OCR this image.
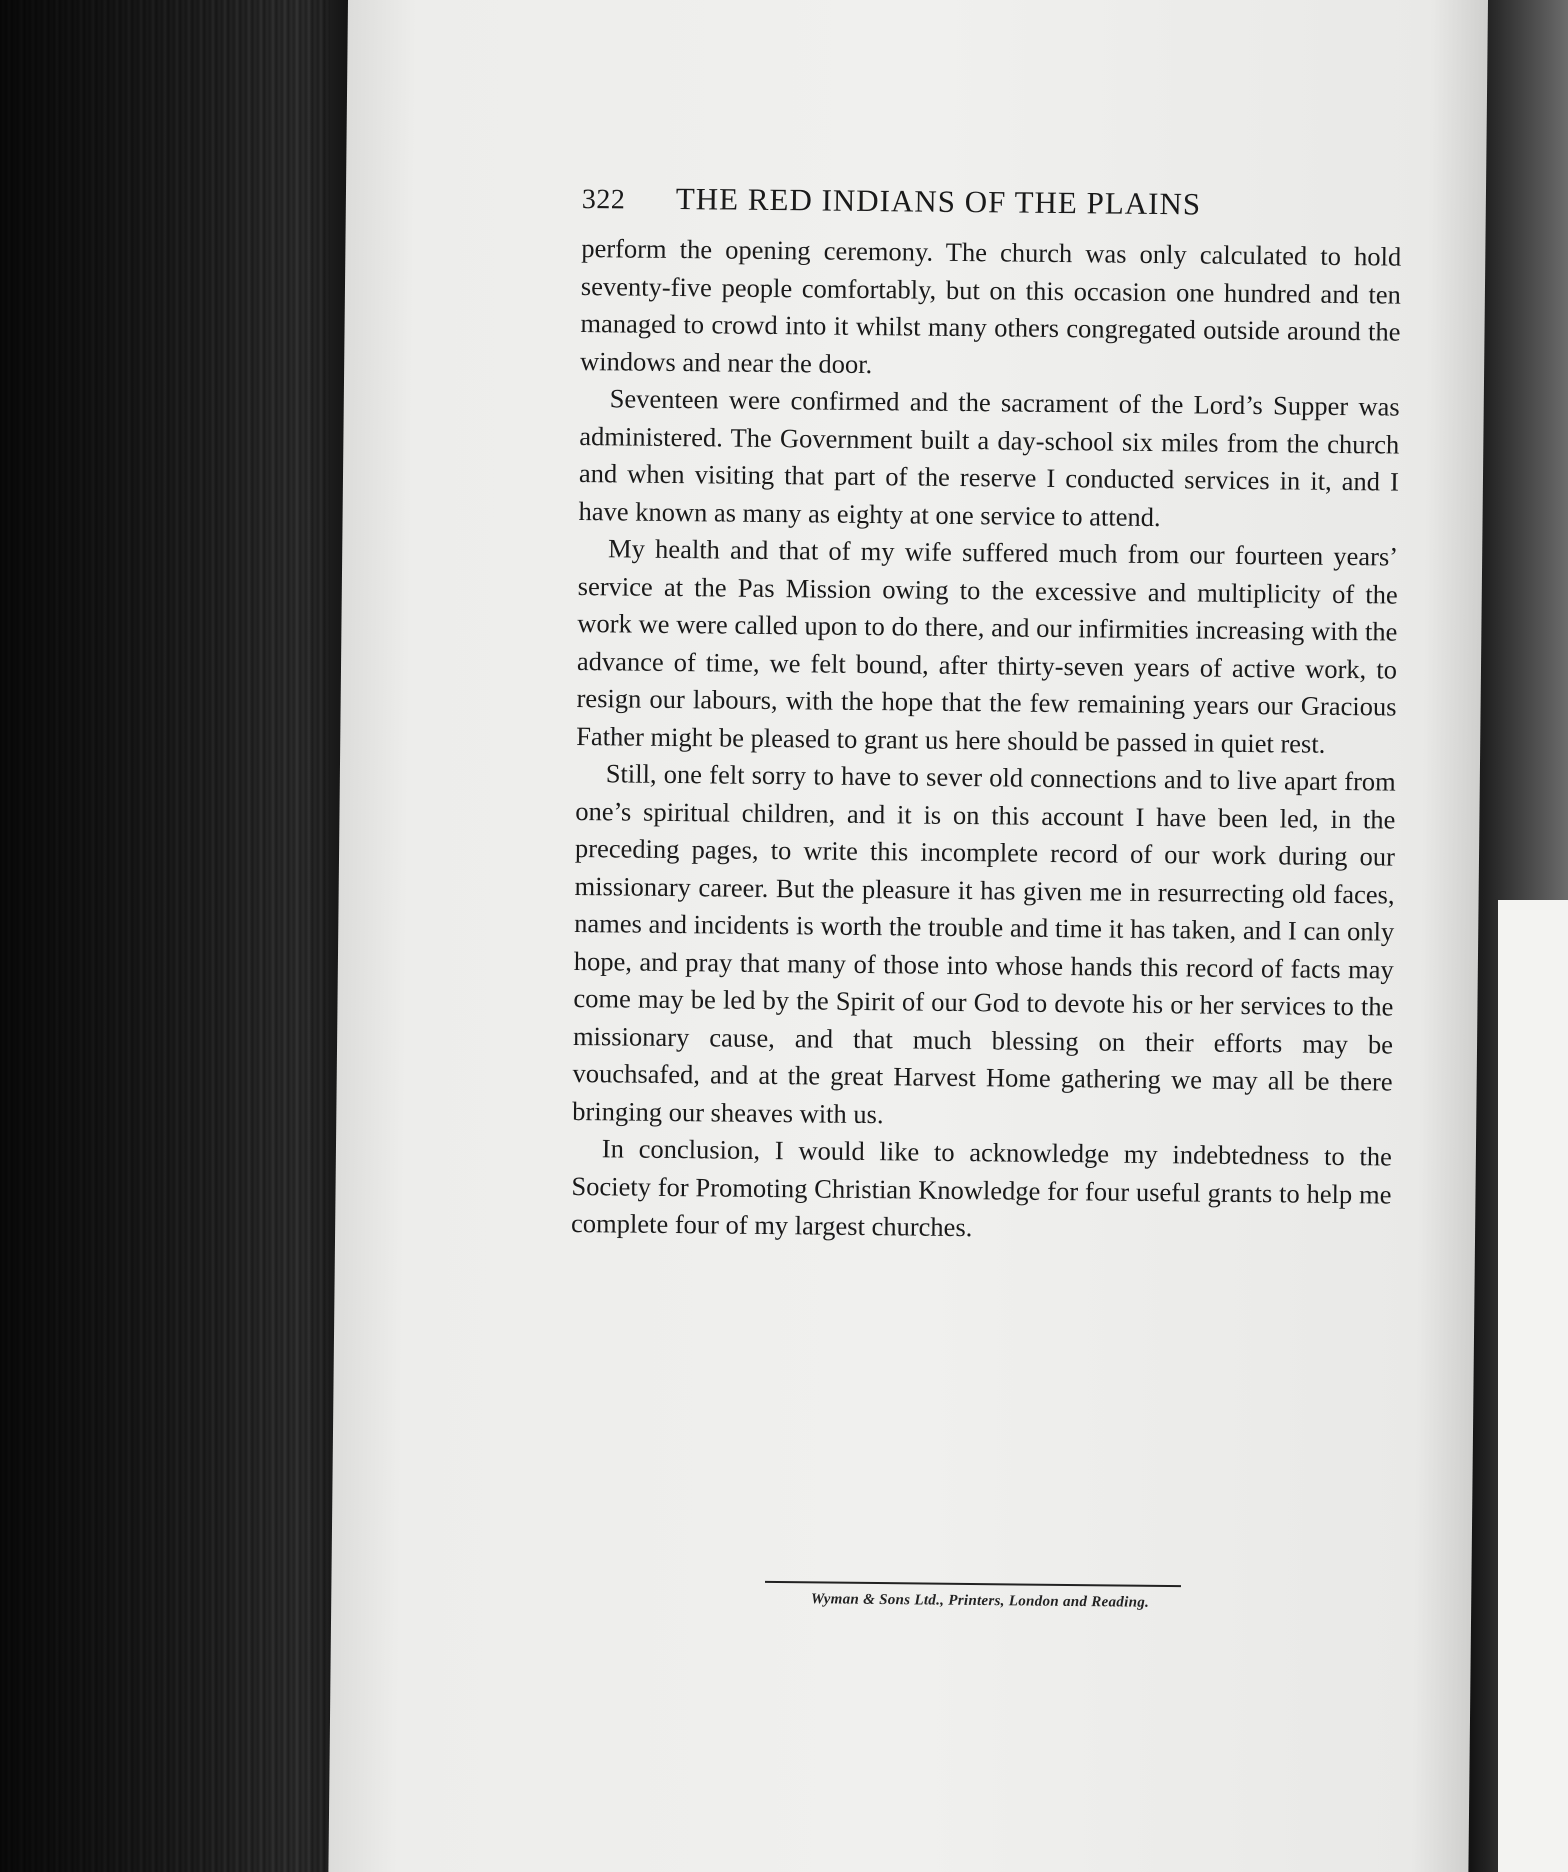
322	THE RED INDIANS OF THE PLAINS

perform the opening ceremony. The church was only calculated to hold seventy-five people comfortably, but on this occasion one hundred and ten managed to crowd into it whilst many others congregated outside around the windows and near the door.

Seventeen were confirmed and the sacrament of the Lord’s Supper was administered. The Government built a day-school six miles from the church and when visiting that part of the reserve I conducted services in it, and I have known as many as eighty at one service to attend.

My health and that of my wife suffered much from our fourteen years’ service at the Pas Mission owing to the excessive and multiplicity of the work we were called upon to do there, and our infirmities increasing with the advance of time, we felt bound, after thirty-seven years of active work, to resign our labours, with the hope that the few remaining years our Gracious Father might be pleased to grant us here should be passed in quiet rest.

Still, one felt sorry to have to sever old connections and to live apart from one’s spiritual children, and it is on this account I have been led, in the preceding pages, to write this incomplete record of our work during our missionary career. But the pleasure it has given me in resurrecting old faces, names and incidents is worth the trouble and time it has taken, and I can only hope, and pray that many of those into whose hands this record of facts may come may be led by the Spirit of our God to devote his or her services to the missionary cause, and that much blessing on their efforts may be vouchsafed, and at the great Harvest Home gathering we may all be there bringing our sheaves with us.

In conclusion, I would like to acknowledge my indebtedness to the Society for Promoting Christian Knowledge for four useful grants to help me complete four of my largest churches.

Wyman & Sons Ltd., Printers, London and Reading.
